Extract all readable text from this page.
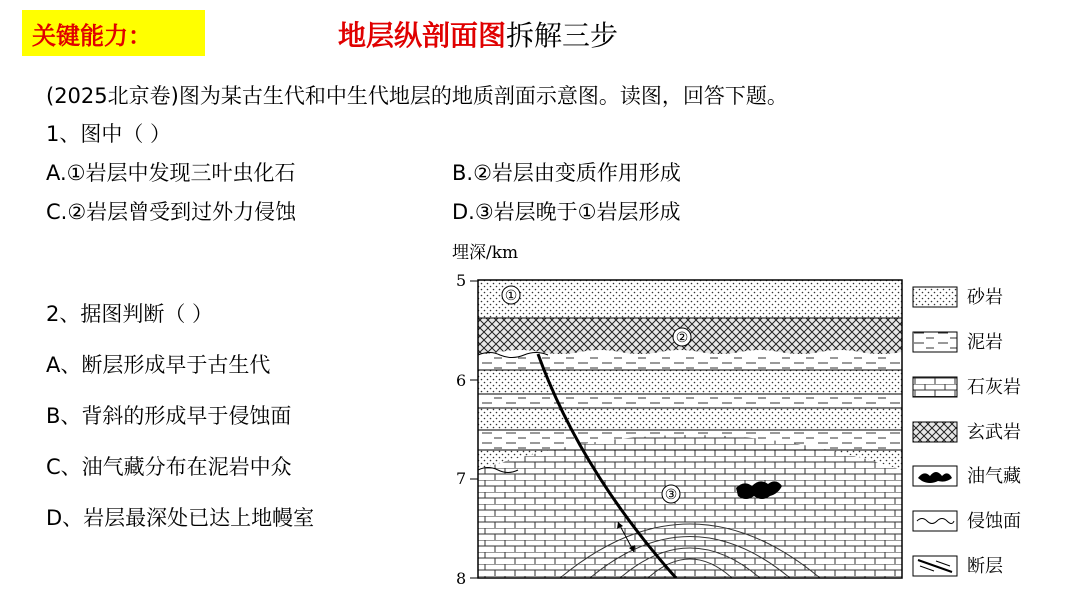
关键能力：	地层纵剖面图拆解三步
(2025北京卷)图为某古生代和中生代地层的地质剖面示意图。读图，回答下题。
1、图中（ ）
A.①岩层中发现三叶虫化石	B.②岩层由变质作用形成
C.②岩层曾受到过外力侵蚀	D.③岩层晚于①岩层形成
2、据图判断（ ）
A、断层形成早于古生代
B、背斜的形成早于侵蚀面
C、油气藏分布在泥岩中众
D、岩层最深处已达上地幔室
埋深/km
5
6
7
8
①
②
③
砂岩
泥岩
石灰岩
玄武岩
油气藏
侵蚀面
断层
